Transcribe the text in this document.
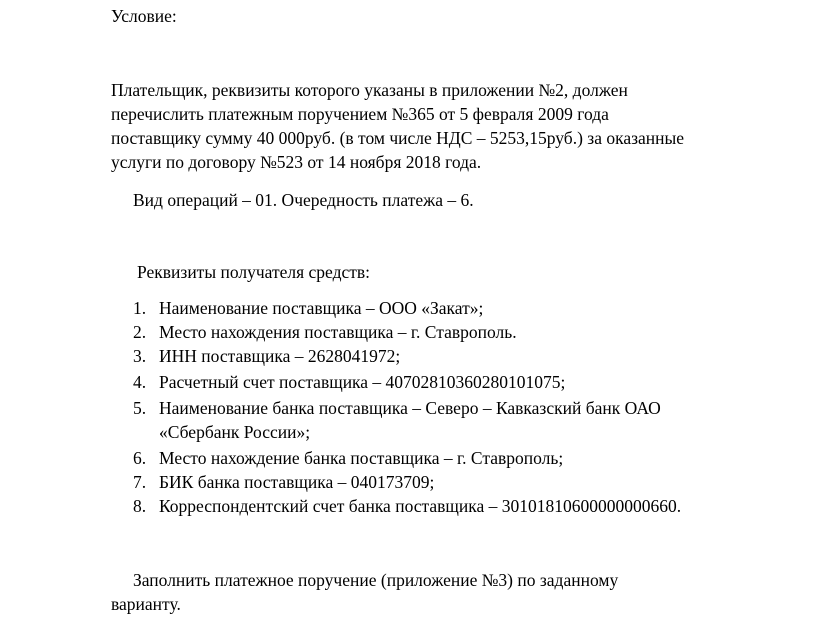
Условие:
Плательщик, реквизиты которого указаны в приложении №2, должен
перечислить платежным поручением №365 от 5 февраля 2009 года
поставщику сумму 40 000руб. (в том числе НДС – 5253,15руб.) за оказанные
услуги по договору №523 от 14 ноября 2018 года.
Вид операций – 01. Очередность платежа – 6.
Реквизиты получателя средств:
1. Наименование поставщика – ООО «Закат»;
2. Место нахождения поставщика – г. Ставрополь.
3. ИНН поставщика – 2628041972;
4. Расчетный счет поставщика – 40702810360280101075;
5. Наименование банка поставщика – Северо – Кавказский банк ОАО
«Сбербанк России»;
6. Место нахождение банка поставщика – г. Ставрополь;
7. БИК банка поставщика – 040173709;
8. Корреспондентский счет банка поставщика – 30101810600000000660.
Заполнить платежное поручение (приложение №3) по заданному
варианту.
